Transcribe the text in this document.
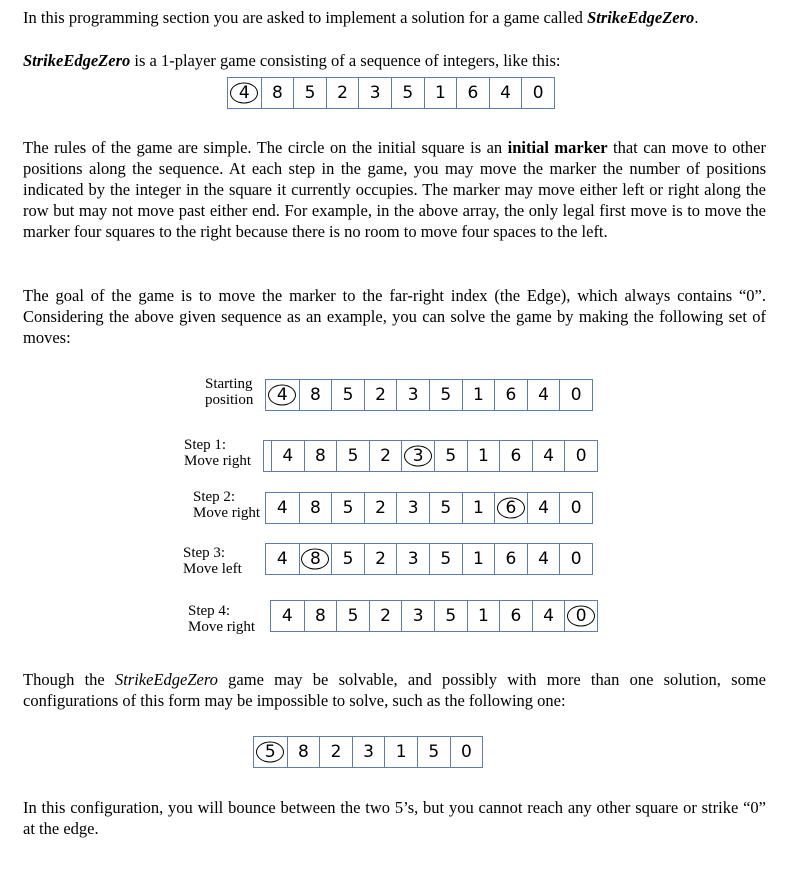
In this programming section you are asked to implement a solution for a game called StrikeEdgeZero.
StrikeEdgeZero is a 1-player game consisting of a sequence of integers, like this:
4 8 5 2 3 5 1 6 4 0
The rules of the game are simple. The circle on the initial square is an initial marker that can move to other positions along the sequence. At each step in the game, you may move the marker the number of positions indicated by the integer in the square it currently occupies. The marker may move either left or right along the row but may not move past either end. For example, in the above array, the only legal first move is to move the marker four squares to the right because there is no room to move four spaces to the left.
The goal of the game is to move the marker to the far-right index (the Edge), which always contains “0”. Considering the above given sequence as an example, you can solve the game by making the following set of moves:
Starting
position
Step 1:
Move right
Step 2:
Move right
Step 3:
Move left
Step 4:
Move right
4 8 5 2 3 5 1 6 4 0
4 8 5 2 3 5 1 6 4 0
4 8 5 2 3 5 1 6 4 0
4 8 5 2 3 5 1 6 4 0
4 8 5 2 3 5 1 6 4 0
Though the StrikeEdgeZero game may be solvable, and possibly with more than one solution, some configurations of this form may be impossible to solve, such as the following one:
5 8 2 3 1 5 0
In this configuration, you will bounce between the two 5’s, but you cannot reach any other square or strike “0” at the edge.
